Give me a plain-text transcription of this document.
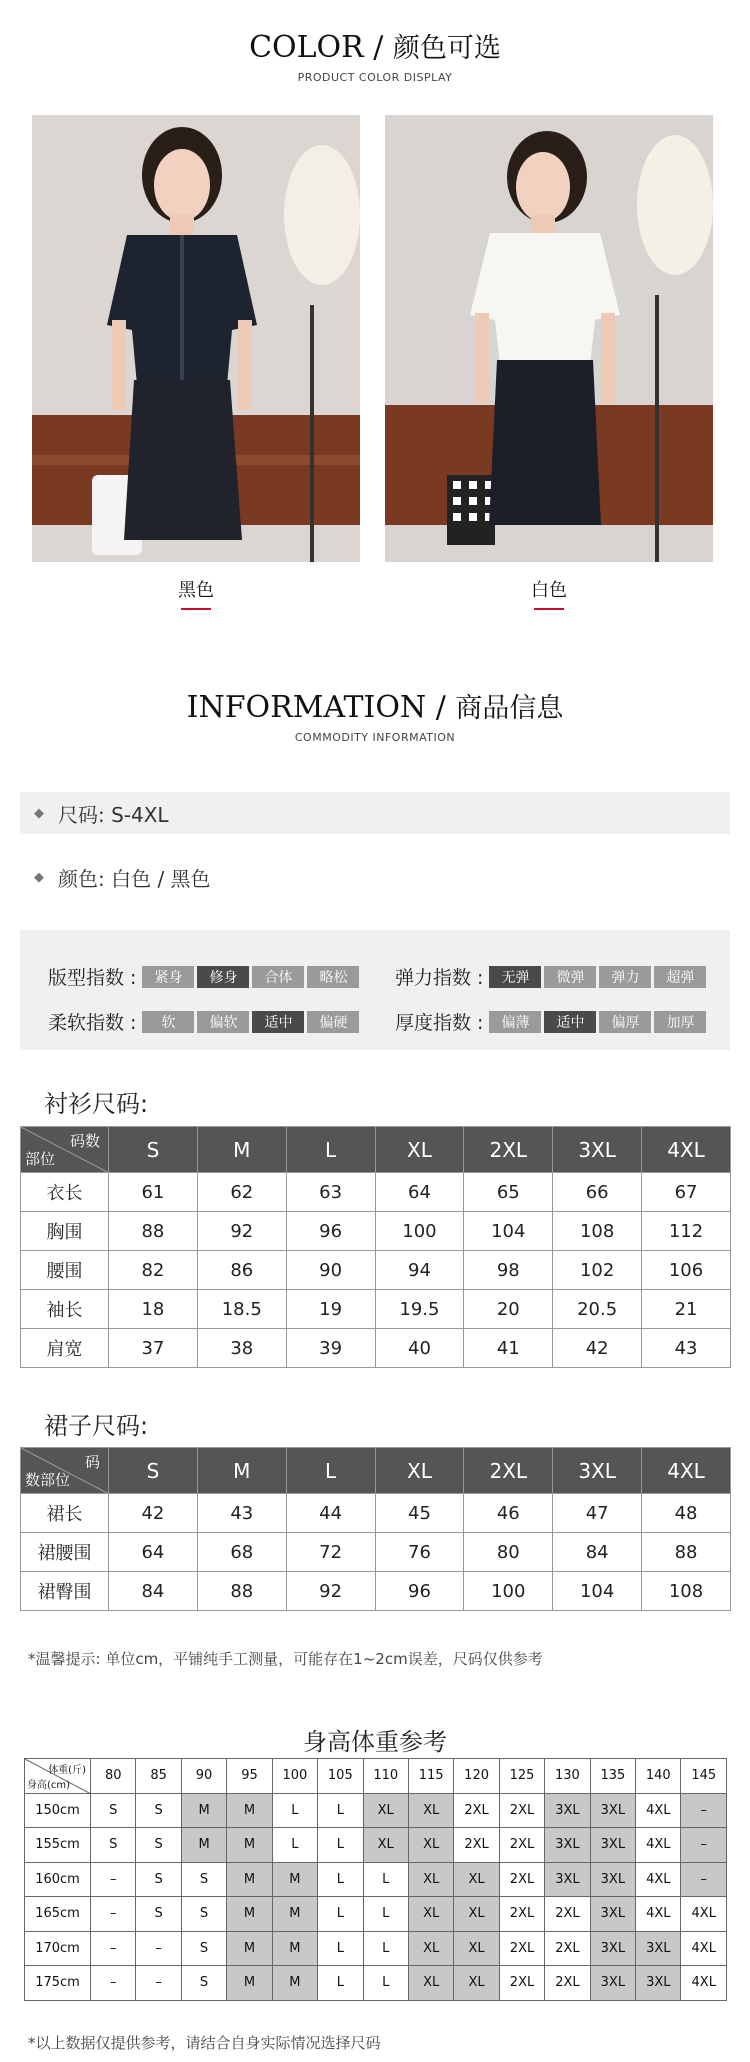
COLOR / 颜色可选
PRODUCT COLOR DISPLAY
黑色	白色
INFORMATION / 商品信息
COMMODITY INFORMATION
◆ 尺码: S-4XL
◆ 颜色: 白色 / 黑色
版型指数 :	紧身	修身	合体	略松	弹力指数 :	无弹	微弹	弹力	超弹
柔软指数 :	软	偏软	适中	偏硬	厚度指数 :	偏薄	适中	偏厚	加厚
衬衫尺码:
码数
部位	S	M	L	XL	2XL	3XL	4XL
衣长	61	62	63	64	65	66	67
胸围	88	92	96	100	104	108	112
腰围	82	86	90	94	98	102	106
袖长	18	18.5	19	19.5	20	20.5	21
肩宽	37	38	39	40	41	42	43
裙子尺码:
码
数部位	S	M	L	XL	2XL	3XL	4XL
裙长	42	43	44	45	46	47	48
裙腰围	64	68	72	76	80	84	88
裙臀围	84	88	92	96	100	104	108
*温馨提示: 单位cm，平铺纯手工测量，可能存在1~2cm误差，尺码仅供参考
身高体重参考
体重(斤)
身高(cm)	80	85	90	95	100	105	110	115	120	125	130	135	140	145
150cm	S	S	M	M	L	L	XL	XL	2XL	2XL	3XL	3XL	4XL	–
155cm	S	S	M	M	L	L	XL	XL	2XL	2XL	3XL	3XL	4XL	–
160cm	–	S	S	M	M	L	L	XL	XL	2XL	3XL	3XL	4XL	–
165cm	–	S	S	M	M	L	L	XL	XL	2XL	2XL	3XL	4XL	4XL
170cm	–	–	S	M	M	L	L	XL	XL	2XL	2XL	3XL	3XL	4XL
175cm	–	–	S	M	M	L	L	XL	XL	2XL	2XL	3XL	3XL	4XL
*以上数据仅提供参考，请结合自身实际情况选择尺码
